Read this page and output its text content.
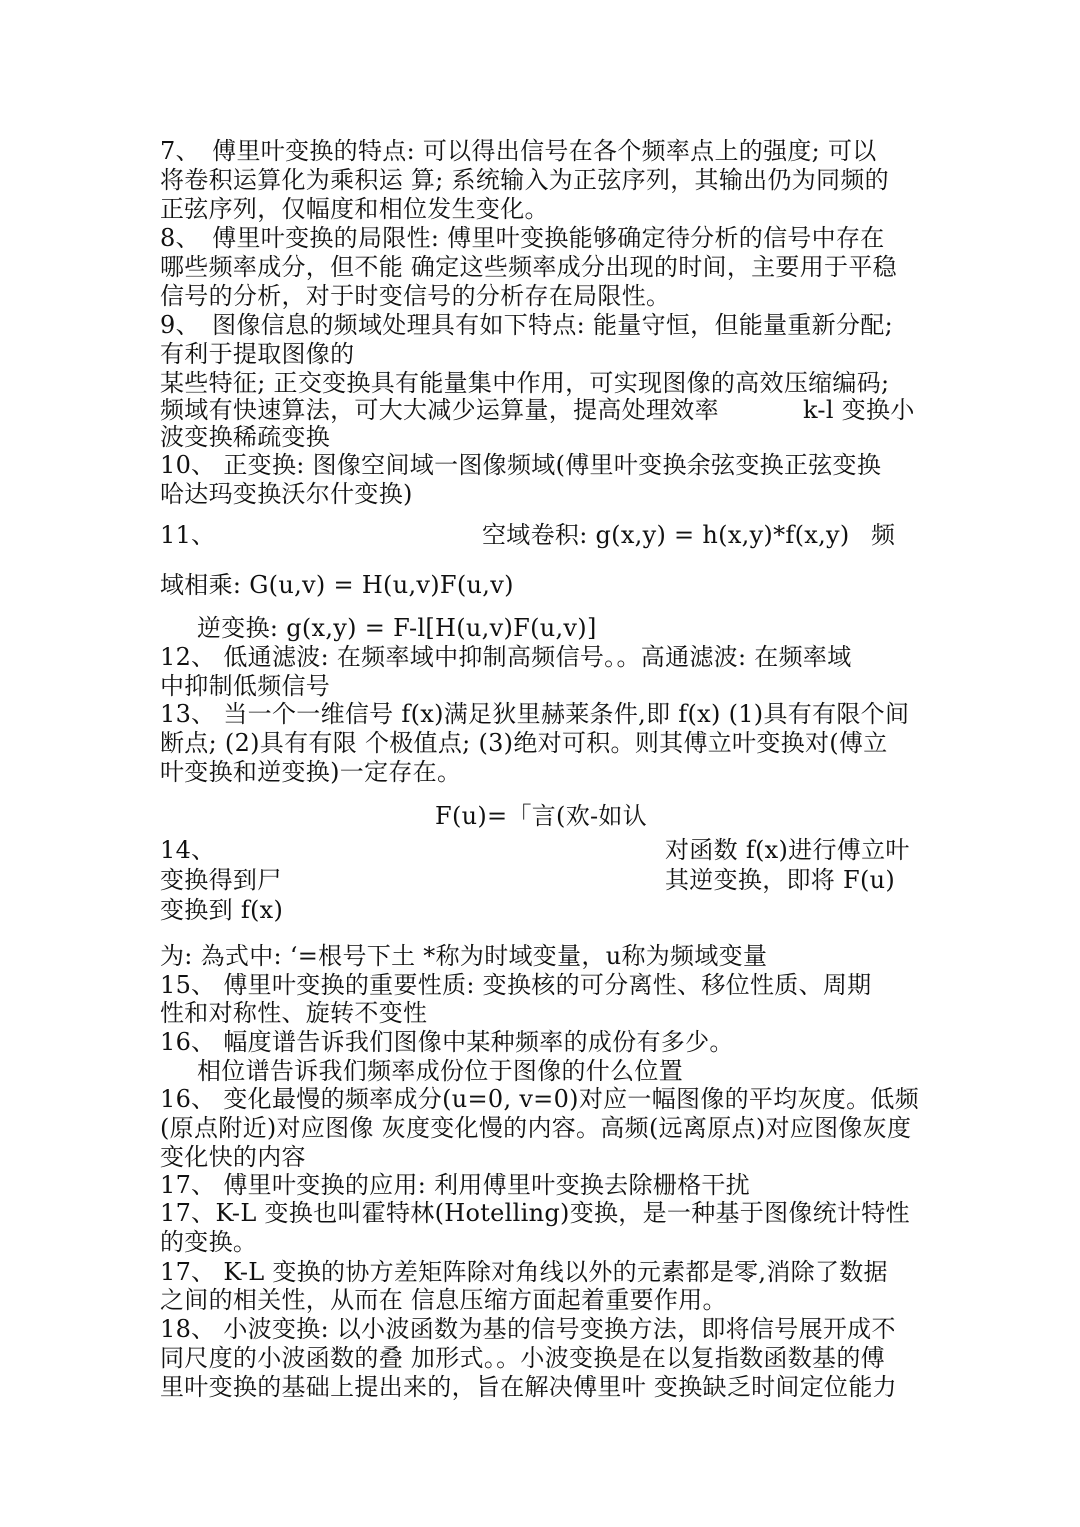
7、　傅里叶变换的特点: 可以得出信号在各个频率点上的强度; 可以
将卷积运算化为乘积运 算; 系统输入为正弦序列，其输出仍为同频的
正弦序列，仅幅度和相位发生变化。
8、　傅里叶变换的局限性: 傅里叶变换能够确定待分析的信号中存在
哪些频率成分，但不能 确定这些频率成分出现的时间，主要用于平稳
信号的分析，对于时变信号的分析存在局限性。
9、　图像信息的频域处理具有如下特点: 能量守恒，但能量重新分配;
有利于提取图像的
某些特征; 正交变换具有能量集中作用，可实现图像的高效压缩编码;
频域有快速算法，可大大减少运算量，提高处理效率	k-l 变换小
波变换稀疏变换
10、 正变换: 图像空间域一图像频域(傅里叶变换余弦变换正弦变换
哈达玛变换沃尔什变换)
11、	空域卷积: g(x,y) = h(x,y)*f(x,y) 频
域相乘: G(u,v) = H(u,v)F(u,v)
逆变换: g(x,y) = F-l[H(u,v)F(u,v)]
12、 低通滤波: 在频率域中抑制高频信号。。高通滤波: 在频率域
中抑制低频信号
13、 当一个一维信号 f(x)满足狄里赫莱条件,即 f(x) (1)具有有限个间
断点; (2)具有有限 个极值点; (3)绝对可积。则其傅立叶变换对(傅立
叶变换和逆变换)一定存在。
F(u)=「言(欢-如认
14、	对函数 f(x)进行傅立叶
变换得到尸	其逆变换，即将 F(u)
变换到 f(x)
为: 為式中: ‘=根号下土 *称为时域变量，u称为频域变量
15、 傅里叶变换的重要性质: 变换核的可分离性、移位性质、周期
性和对称性、旋转不变性
16、 幅度谱告诉我们图像中某种频率的成份有多少。
相位谱告诉我们频率成份位于图像的什么位置
16、 变化最慢的频率成分(u=0, v=0)对应一幅图像的平均灰度。低频
(原点附近)对应图像 灰度变化慢的内容。高频(远离原点)对应图像灰度
变化快的内容
17、 傅里叶变换的应用: 利用傅里叶变换去除栅格干扰
17、K-L 变换也叫霍特林(Hotelling)变换，是一种基于图像统计特性
的变换。
17、 K-L 变换的协方差矩阵除对角线以外的元素都是零,消除了数据
之间的相关性，从而在 信息压缩方面起着重要作用。
18、 小波变换: 以小波函数为基的信号变换方法，即将信号展开成不
同尺度的小波函数的叠 加形式。。小波变换是在以复指数函数基的傅
里叶变换的基础上提出来的，旨在解决傅里叶 变换缺乏时间定位能力
